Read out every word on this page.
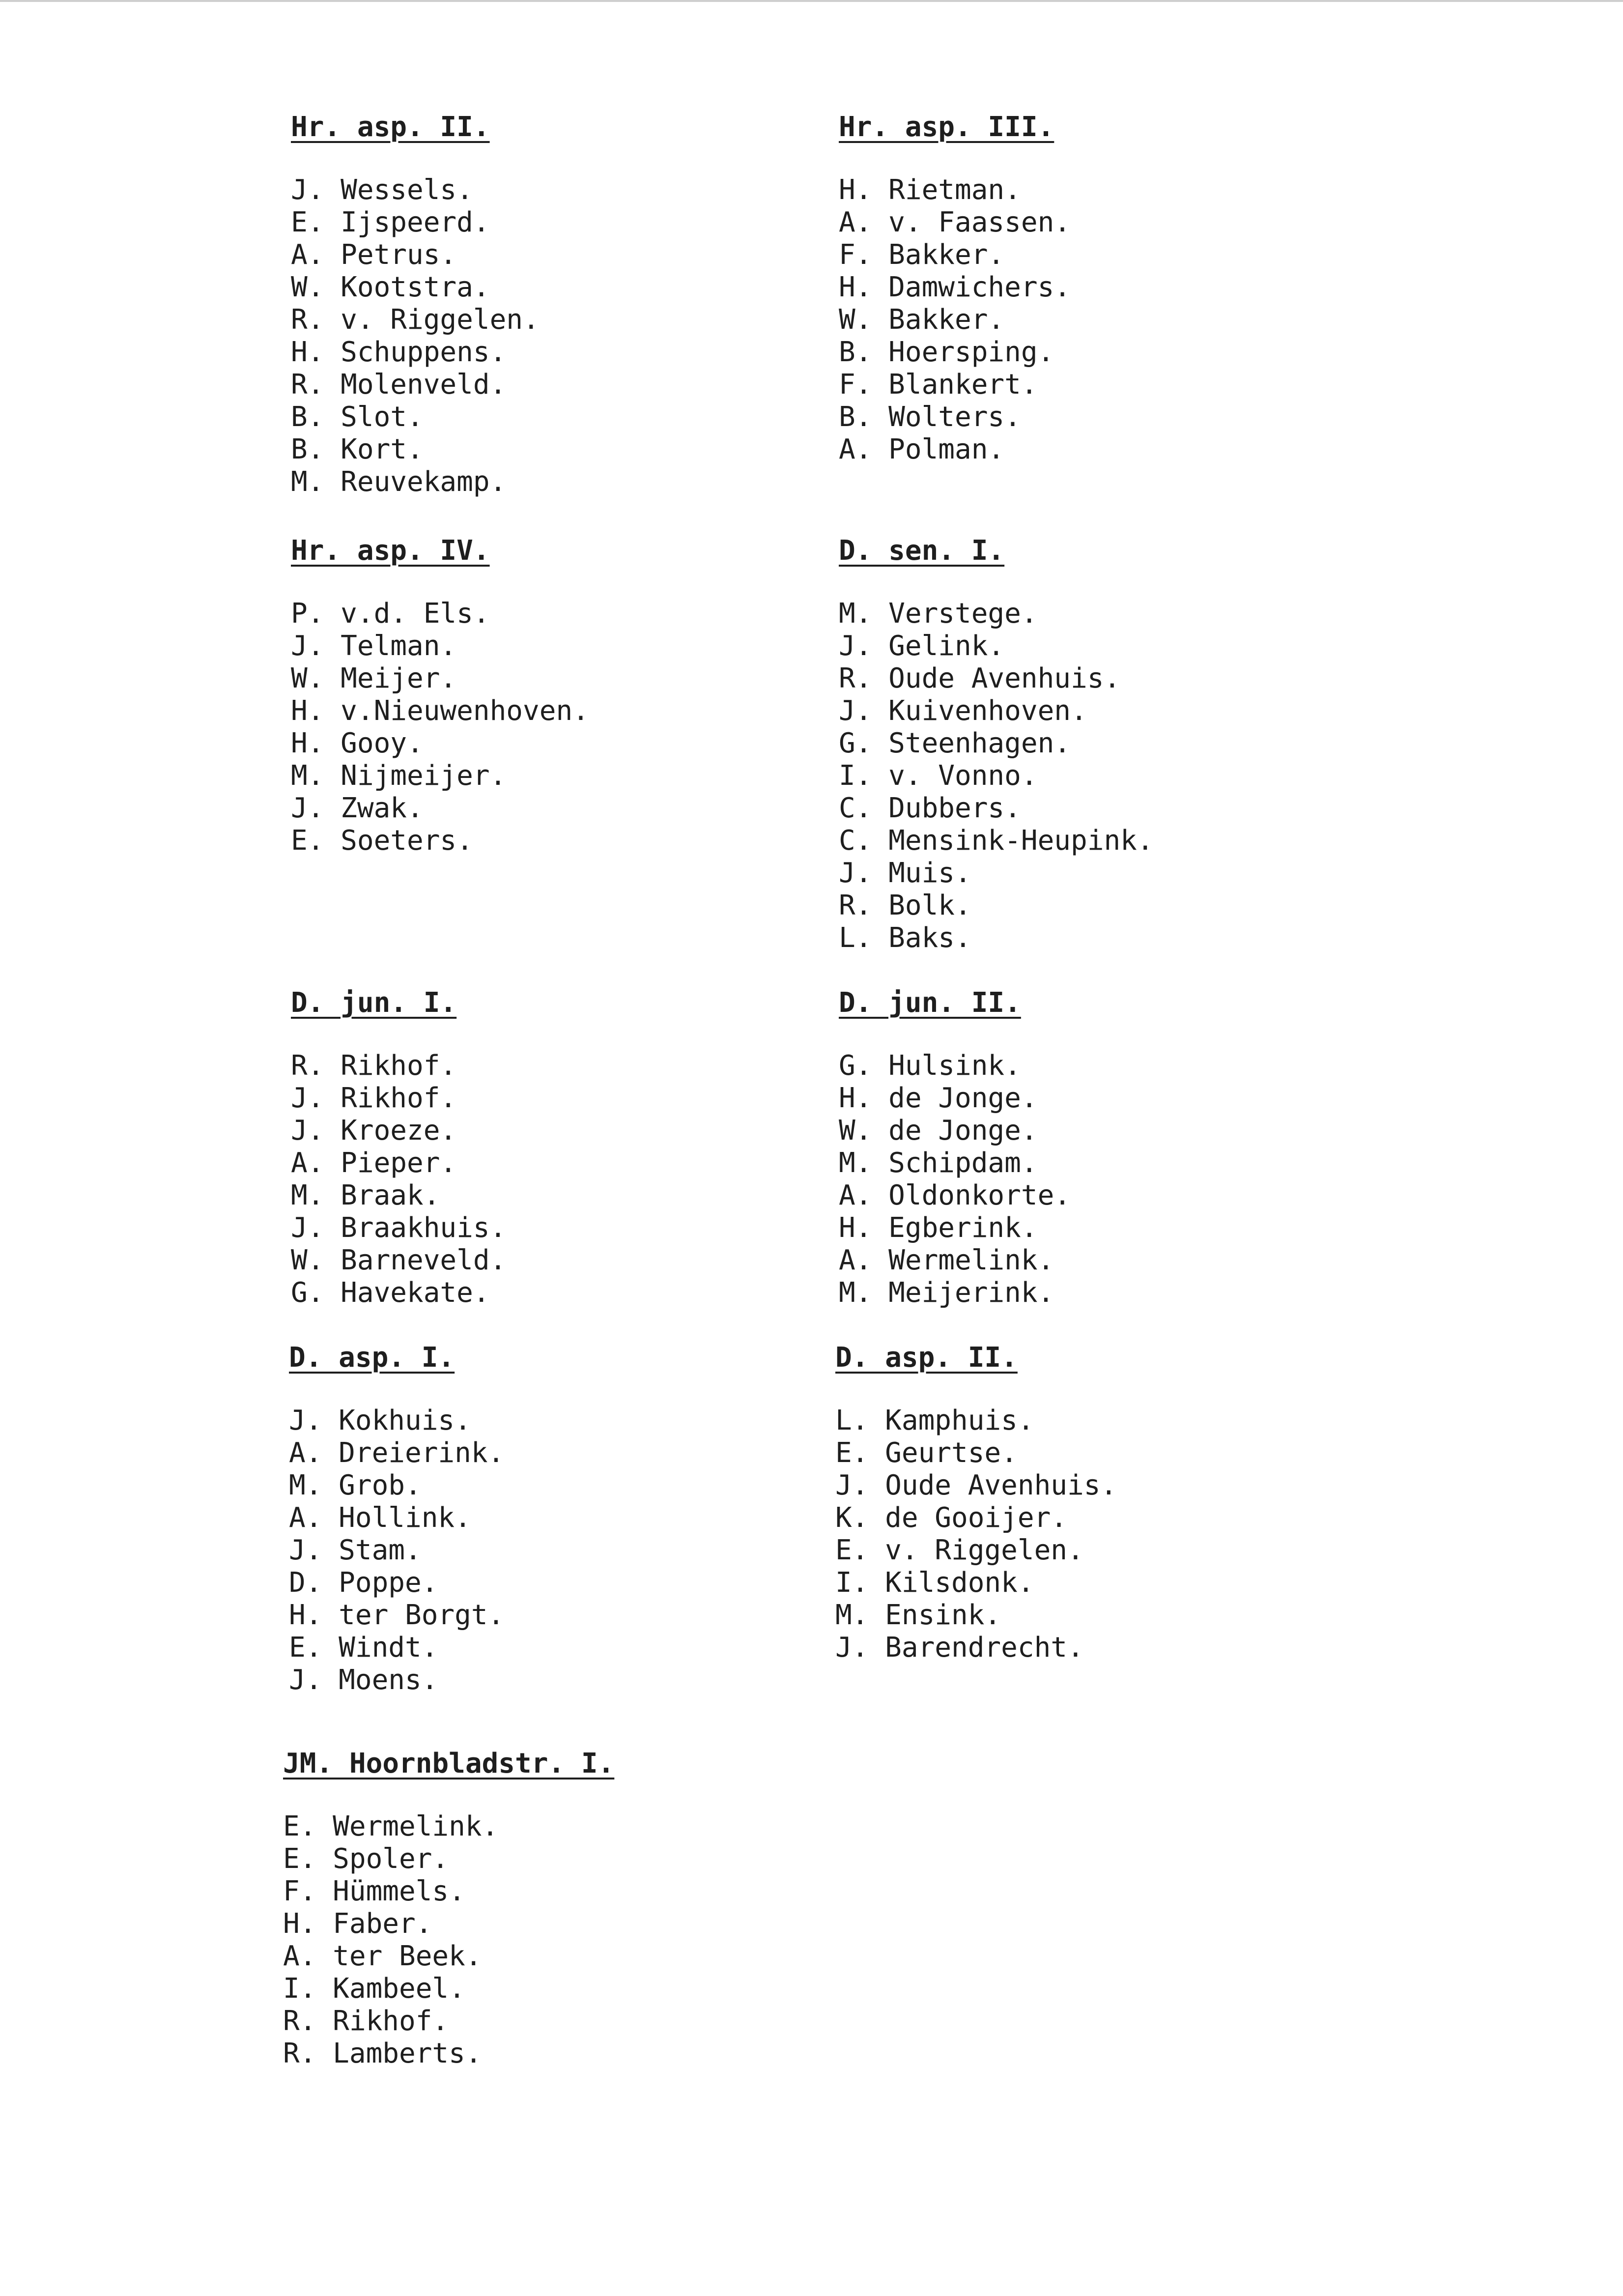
Hr. asp. II.
J. Wessels.
E. Ijspeerd.
A. Petrus.
W. Kootstra.
R. v. Riggelen.
H. Schuppens.
R. Molenveld.
B. Slot.
B. Kort.
M. Reuvekamp.
Hr. asp. III.
H. Rietman.
A. v. Faassen.
F. Bakker.
H. Damwichers.
W. Bakker.
B. Hoersping.
F. Blankert.
B. Wolters.
A. Polman.
Hr. asp. IV.
P. v.d. Els.
J. Telman.
W. Meijer.
H. v.Nieuwenhoven.
H. Gooy.
M. Nijmeijer.
J. Zwak.
E. Soeters.
D. sen. I.
M. Verstege.
J. Gelink.
R. Oude Avenhuis.
J. Kuivenhoven.
G. Steenhagen.
I. v. Vonno.
C. Dubbers.
C. Mensink-Heupink.
J. Muis.
R. Bolk.
L. Baks.
D. jun. I.
R. Rikhof.
J. Rikhof.
J. Kroeze.
A. Pieper.
M. Braak.
J. Braakhuis.
W. Barneveld.
G. Havekate.
D. jun. II.
G. Hulsink.
H. de Jonge.
W. de Jonge.
M. Schipdam.
A. Oldonkorte.
H. Egberink.
A. Wermelink.
M. Meijerink.
D. asp. I.
J. Kokhuis.
A. Dreierink.
M. Grob.
A. Hollink.
J. Stam.
D. Poppe.
H. ter Borgt.
E. Windt.
J. Moens.
D. asp. II.
L. Kamphuis.
E. Geurtse.
J. Oude Avenhuis.
K. de Gooijer.
E. v. Riggelen.
I. Kilsdonk.
M. Ensink.
J. Barendrecht.
JM. Hoornbladstr. I.
E. Wermelink.
E. Spoler.
F. Hümmels.
H. Faber.
A. ter Beek.
I. Kambeel.
R. Rikhof.
R. Lamberts.
